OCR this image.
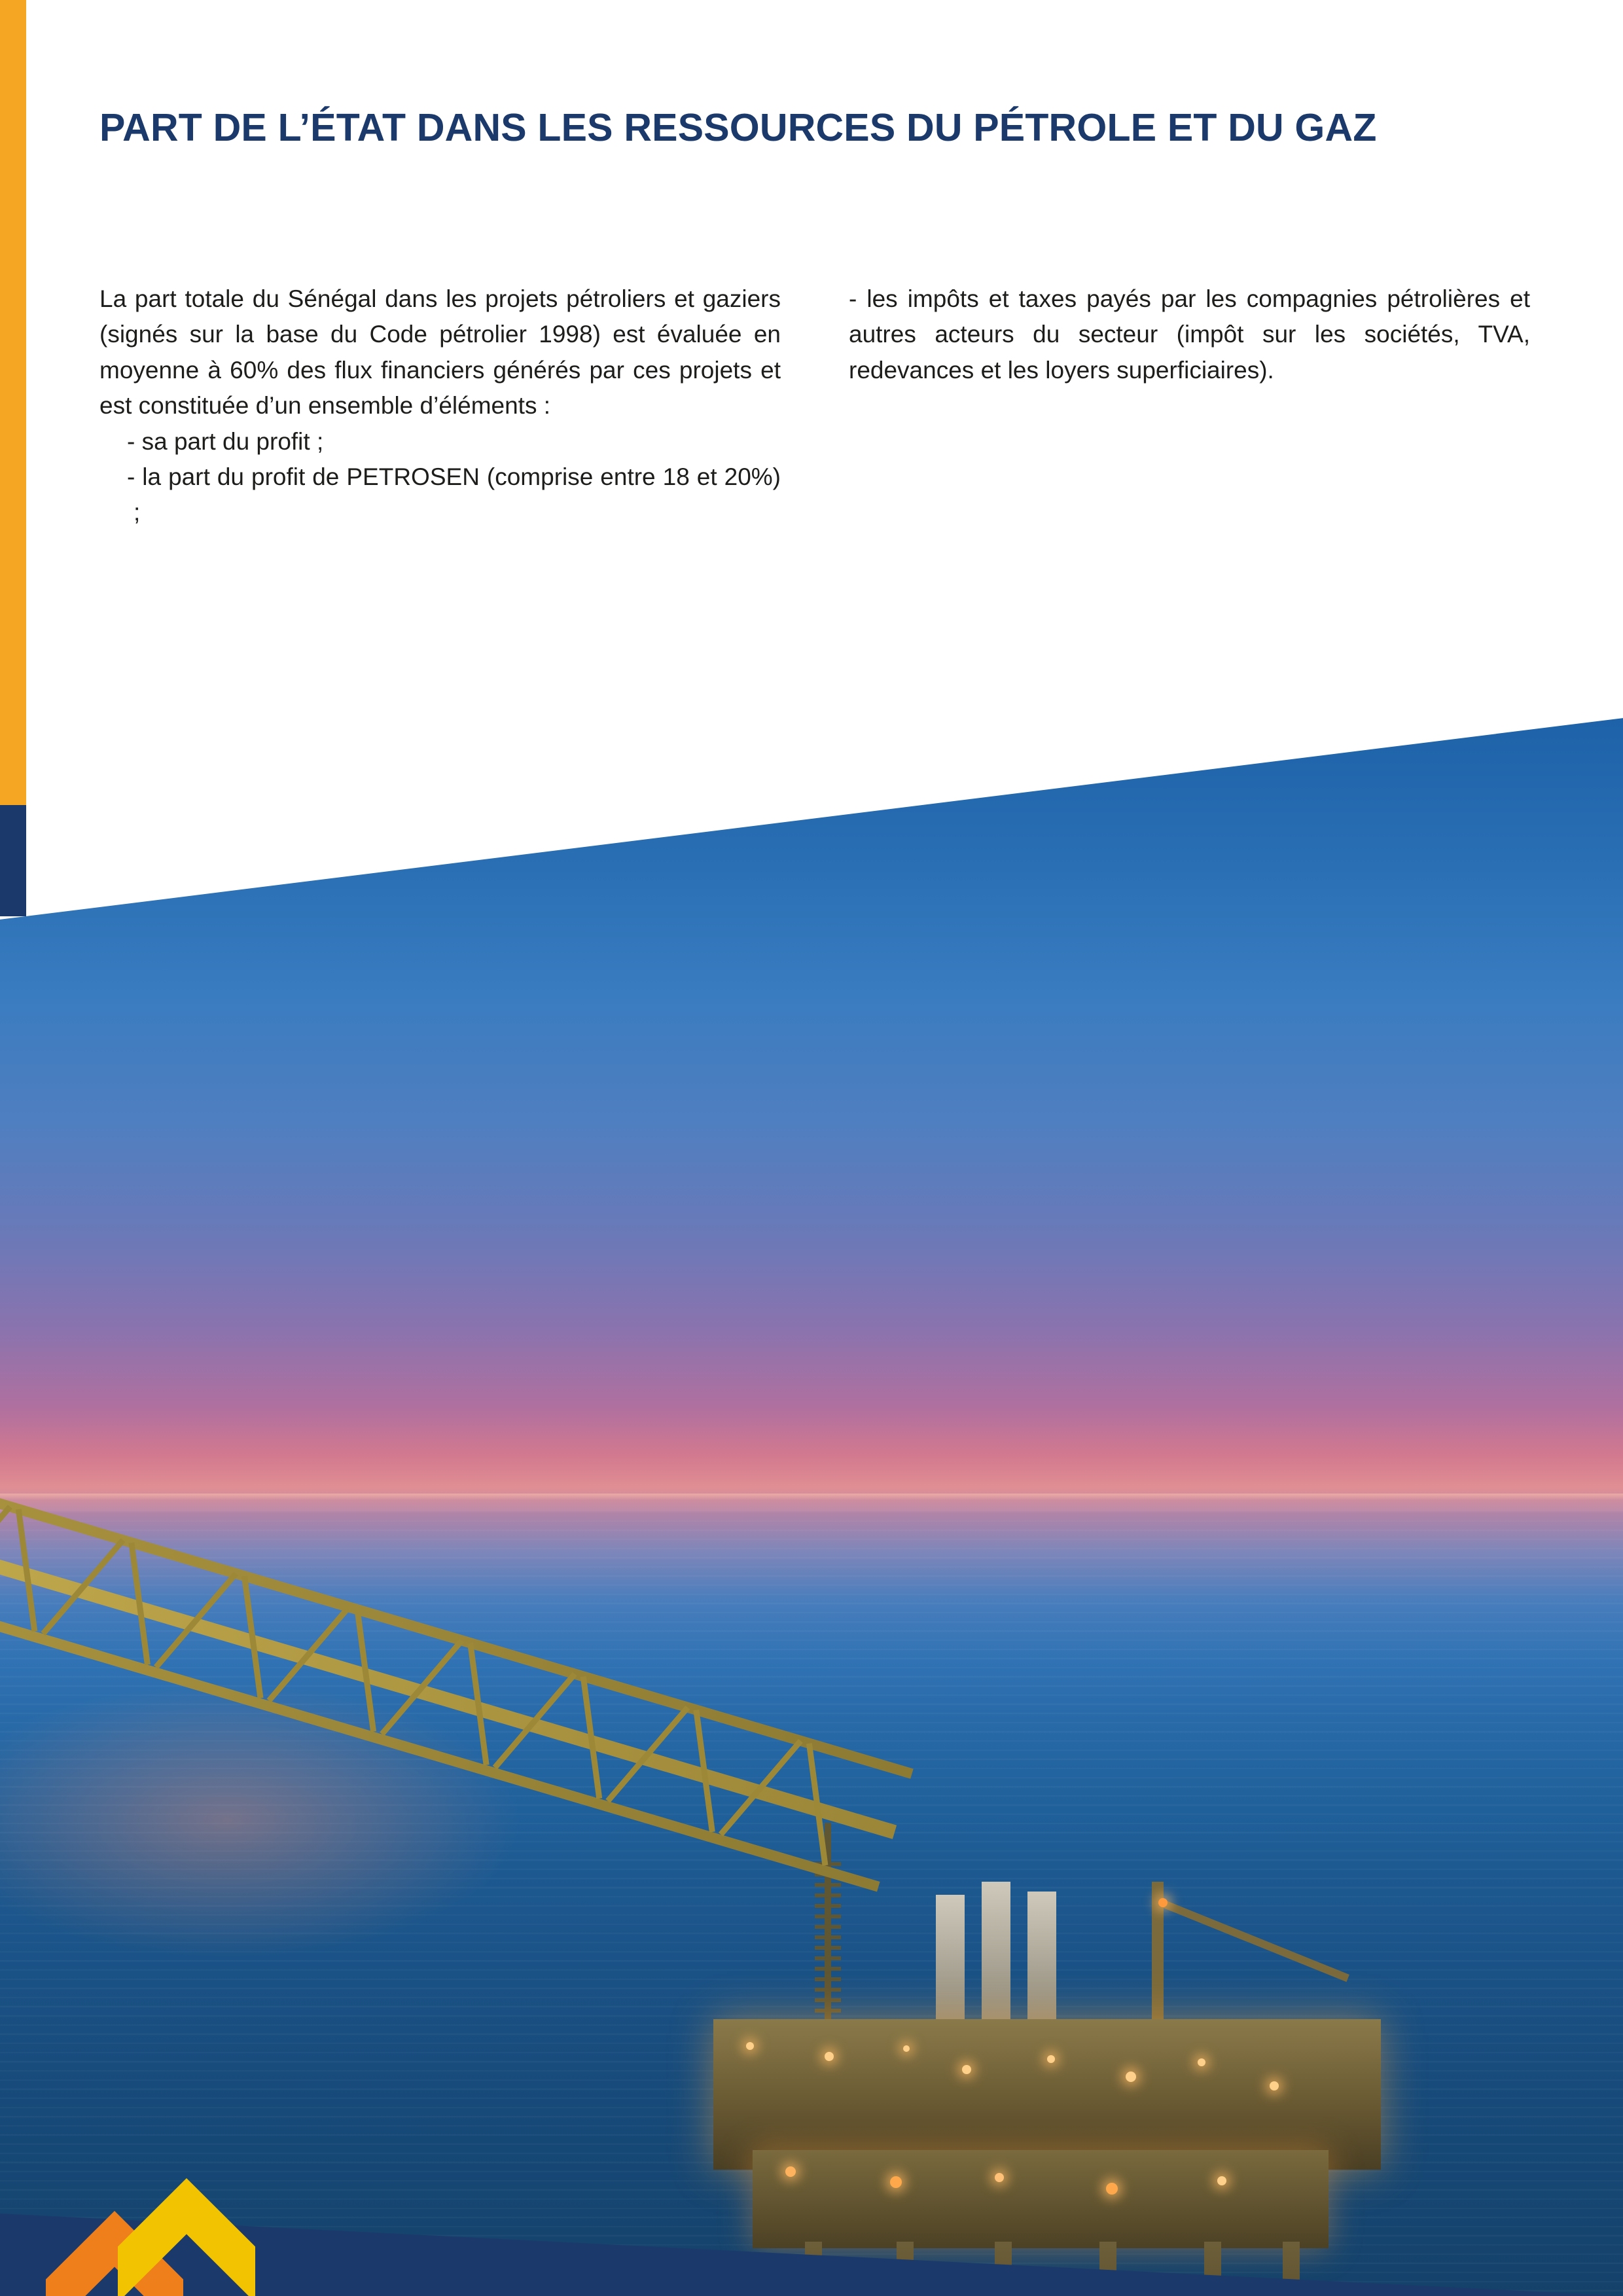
PART DE L’ÉTAT DANS LES RESSOURCES DU PÉTROLE ET DU GAZ

La part totale du Sénégal dans les projets pétroliers et gaziers (signés sur la base du Code pétrolier 1998) est évaluée en moyenne à 60% des flux financiers générés par ces projets et est constituée d’un ensemble d’éléments :

- sa part du profit ;
- la part du profit de PETROSEN (comprise entre 18 et 20%) ;

- les impôts et taxes payés par les compagnies pétrolières et autres acteurs du secteur (impôt sur les sociétés, TVA, redevances et les loyers superficiaires).
